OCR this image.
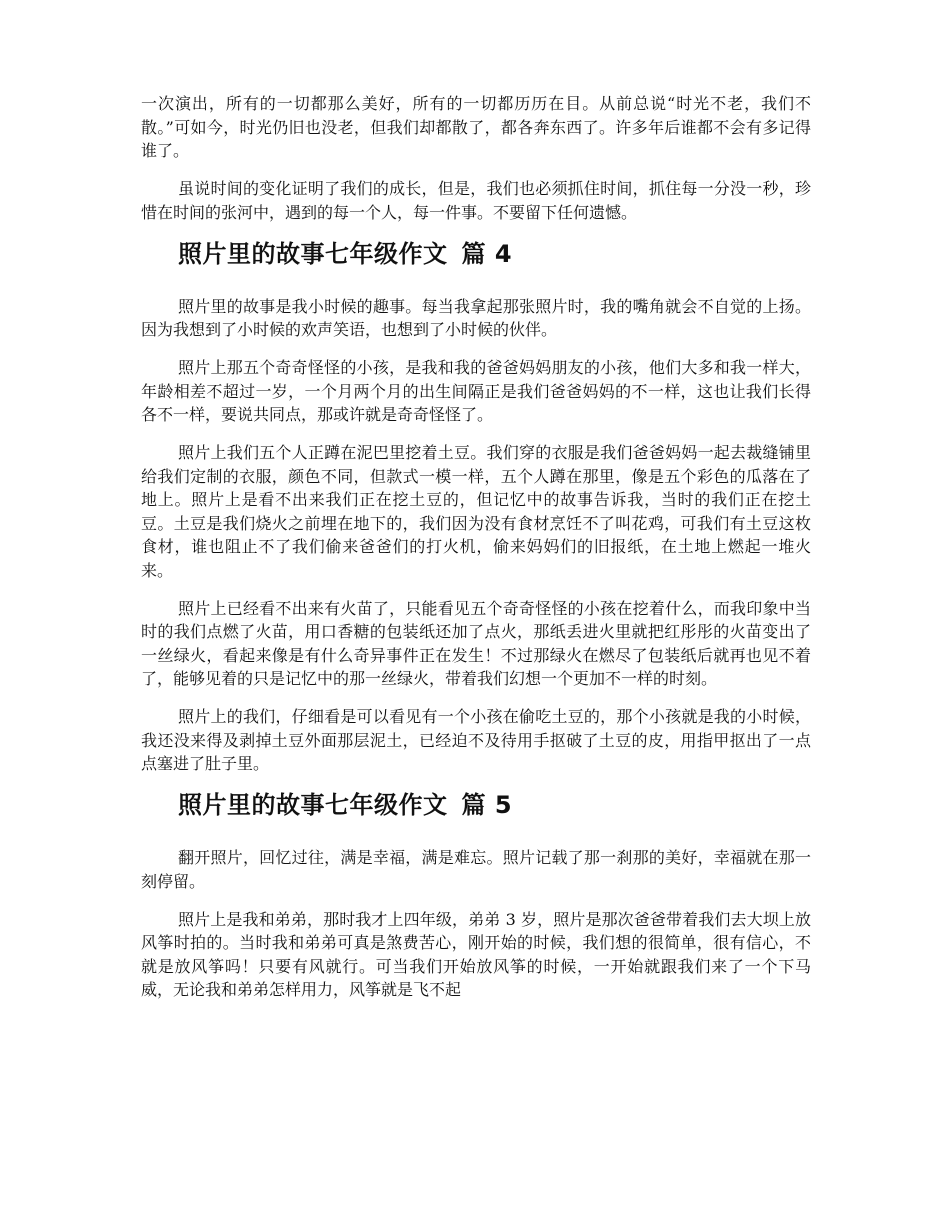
一次演出，所有的一切都那么美好，所有的一切都历历在目。从前总说“时光不老，我们不散。”可如今，时光仍旧也没老，但我们却都散了，都各奔东西了。许多年后谁都不会有多记得谁了。

虽说时间的变化证明了我们的成长，但是，我们也必须抓住时间，抓住每一分没一秒，珍惜在时间的张河中，遇到的每一个人，每一件事。不要留下任何遗憾。

照片里的故事七年级作文 篇 4

照片里的故事是我小时候的趣事。每当我拿起那张照片时，我的嘴角就会不自觉的上扬。因为我想到了小时候的欢声笑语，也想到了小时候的伙伴。

照片上那五个奇奇怪怪的小孩，是我和我的爸爸妈妈朋友的小孩，他们大多和我一样大，年龄相差不超过一岁，一个月两个月的出生间隔正是我们爸爸妈妈的不一样，这也让我们长得各不一样，要说共同点，那或许就是奇奇怪怪了。

照片上我们五个人正蹲在泥巴里挖着土豆。我们穿的衣服是我们爸爸妈妈一起去裁缝铺里给我们定制的衣服，颜色不同，但款式一模一样，五个人蹲在那里，像是五个彩色的瓜落在了地上。照片上是看不出来我们正在挖土豆的，但记忆中的故事告诉我，当时的我们正在挖土豆。土豆是我们烧火之前埋在地下的，我们因为没有食材烹饪不了叫花鸡，可我们有土豆这枚食材，谁也阻止不了我们偷来爸爸们的打火机，偷来妈妈们的旧报纸，在土地上燃起一堆火来。

照片上已经看不出来有火苗了，只能看见五个奇奇怪怪的小孩在挖着什么，而我印象中当时的我们点燃了火苗，用口香糖的包装纸还加了点火，那纸丢进火里就把红彤彤的火苗变出了一丝绿火，看起来像是有什么奇异事件正在发生！不过那绿火在燃尽了包装纸后就再也见不着了，能够见着的只是记忆中的那一丝绿火，带着我们幻想一个更加不一样的时刻。

照片上的我们，仔细看是可以看见有一个小孩在偷吃土豆的，那个小孩就是我的小时候，我还没来得及剥掉土豆外面那层泥土，已经迫不及待用手抠破了土豆的皮，用指甲抠出了一点点塞进了肚子里。

照片里的故事七年级作文 篇 5

翻开照片，回忆过往，满是幸福，满是难忘。照片记载了那一刹那的美好，幸福就在那一刻停留。

照片上是我和弟弟，那时我才上四年级，弟弟 3 岁，照片是那次爸爸带着我们去大坝上放风筝时拍的。当时我和弟弟可真是煞费苦心，刚开始的时候，我们想的很简单，很有信心，不就是放风筝吗！只要有风就行。可当我们开始放风筝的时候，一开始就跟我们来了一个下马威，无论我和弟弟怎样用力，风筝就是飞不起
